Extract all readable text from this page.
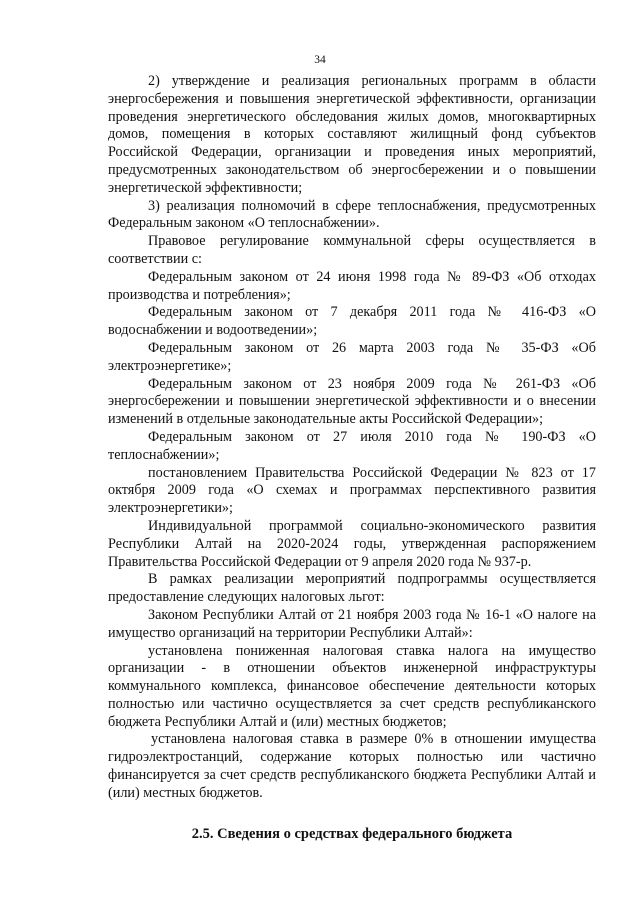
34

2) утверждение и реализация региональных программ в области энергосбережения и повышения энергетической эффективности, организации проведения энергетического обследования жилых домов, многоквартирных домов, помещения в которых составляют жилищный фонд субъектов Российской Федерации, организации и проведения иных мероприятий, предусмотренных законодательством об энергосбережении и о повышении энергетической эффективности;

3) реализация полномочий в сфере теплоснабжения, предусмотренных Федеральным законом «О теплоснабжении».

Правовое регулирование коммунальной сферы осуществляется в соответствии с:

Федеральным законом от 24 июня 1998 года № 89-ФЗ «Об отходах производства и потребления»;

Федеральным законом от 7 декабря 2011 года № 416-ФЗ «О водоснабжении и водоотведении»;

Федеральным законом от 26 марта 2003 года № 35-ФЗ «Об электроэнергетике»;

Федеральным законом от 23 ноября 2009 года № 261-ФЗ «Об энергосбережении и повышении энергетической эффективности и о внесении изменений в отдельные законодательные акты Российской Федерации»;

Федеральным законом от 27 июля 2010 года № 190-ФЗ «О теплоснабжении»;

постановлением Правительства Российской Федерации № 823 от 17 октября 2009 года «О схемах и программах перспективного развития электроэнергетики»;

Индивидуальной программой социально-экономического развития Республики Алтай на 2020-2024 годы, утвержденная распоряжением Правительства Российской Федерации от 9 апреля 2020 года № 937-р.

В рамках реализации мероприятий подпрограммы осуществляется предоставление следующих налоговых льгот:

Законом Республики Алтай от 21 ноября 2003 года № 16-1 «О налоге на имущество организаций на территории Республики Алтай»:

установлена пониженная налоговая ставка налога на имущество организации - в отношении объектов инженерной инфраструктуры коммунального комплекса, финансовое обеспечение деятельности которых полностью или частично осуществляется за счет средств республиканского бюджета Республики Алтай и (или) местных бюджетов;

установлена налоговая ставка в размере 0% в отношении имущества гидроэлектростанций, содержание которых полностью или частично финансируется за счет средств республиканского бюджета Республики Алтай и (или) местных бюджетов.

2.5. Сведения о средствах федерального бюджета
